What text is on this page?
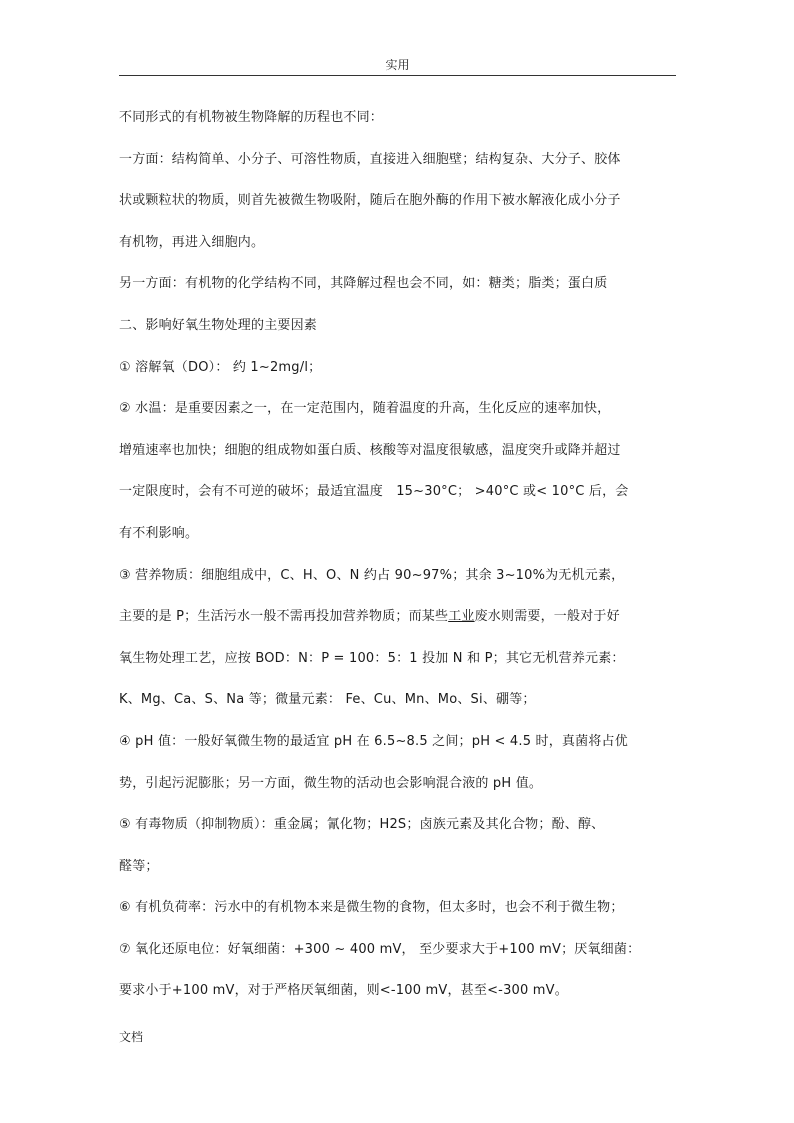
实用
不同形式的有机物被生物降解的历程也不同：
一方面：结构简单、小分子、可溶性物质，直接进入细胞壁；结构复杂、大分子、胶体
状或颗粒状的物质，则首先被微生物吸附，随后在胞外酶的作用下被水解液化成小分子
有机物，再进入细胞内。
另一方面：有机物的化学结构不同，其降解过程也会不同，如：糖类；脂类；蛋白质
二、影响好氧生物处理的主要因素
① 溶解氧（DO）： 约 1~2mg/l；
② 水温：是重要因素之一，在一定范围内，随着温度的升高，生化反应的速率加快，
增殖速率也加快；细胞的组成物如蛋白质、核酸等对温度很敏感，温度突升或降并超过
一定限度时，会有不可逆的破坏；最适宜温度　15~30°C； >40°C 或< 10°C 后，会
有不利影响。
③ 营养物质：细胞组成中，C、H、O、N 约占 90~97%；其余 3~10%为无机元素，
主要的是 P；生活污水一般不需再投加营养物质；而某些工业废水则需要，一般对于好
氧生物处理工艺，应按 BOD：N：P = 100：5：1 投加 N 和 P；其它无机营养元素：
K、Mg、Ca、S、Na 等；微量元素： Fe、Cu、Mn、Mo、Si、硼等；
④ pH 值：一般好氧微生物的最适宜 pH 在 6.5~8.5 之间；pH < 4.5 时，真菌将占优
势，引起污泥膨胀；另一方面，微生物的活动也会影响混合液的 pH 值。
⑤ 有毒物质（抑制物质）：重金属；氰化物；H2S；卤族元素及其化合物；酚、醇、
醛等；
⑥ 有机负荷率：污水中的有机物本来是微生物的食物，但太多时，也会不利于微生物；
⑦ 氧化还原电位：好氧细菌：+300 ~ 400 mV， 至少要求大于+100 mV；厌氧细菌：
要求小于+100 mV，对于严格厌氧细菌，则<-100 mV，甚至<-300 mV。
文档
